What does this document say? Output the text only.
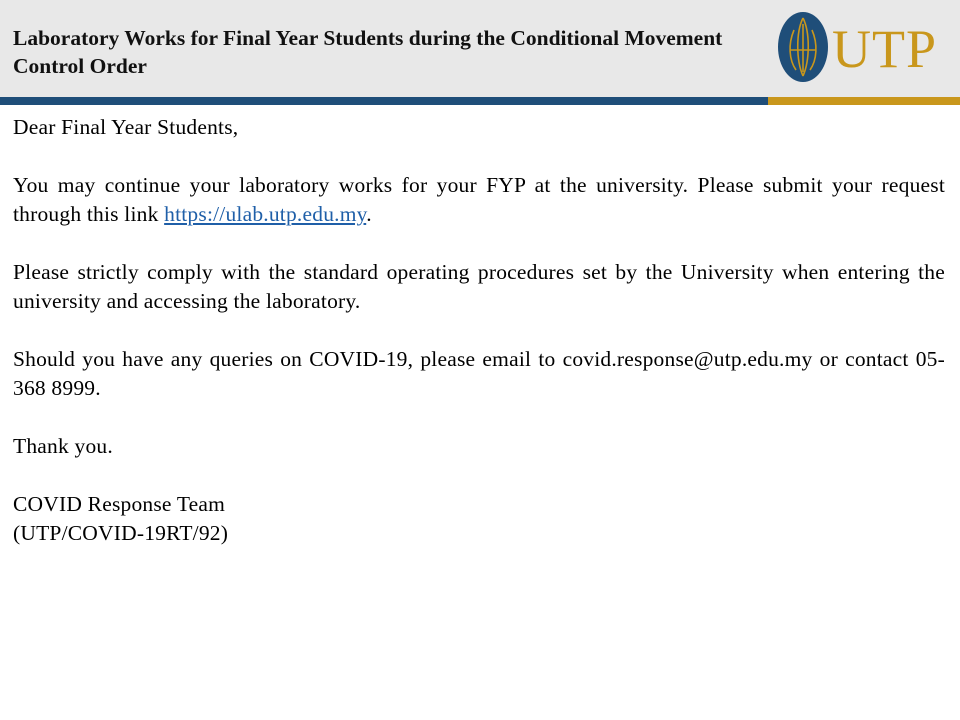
Laboratory Works for Final Year Students during the Conditional Movement Control Order	UTP

Dear Final Year Students,

You may continue your laboratory works for your FYP at the university. Please submit your request through this link https://ulab.utp.edu.my.

Please strictly comply with the standard operating procedures set by the University when entering the university and accessing the laboratory.

Should you have any queries on COVID-19, please email to covid.response@utp.edu.my or contact 05-368 8999.

Thank you.

COVID Response Team

(UTP/COVID-19RT/92)
